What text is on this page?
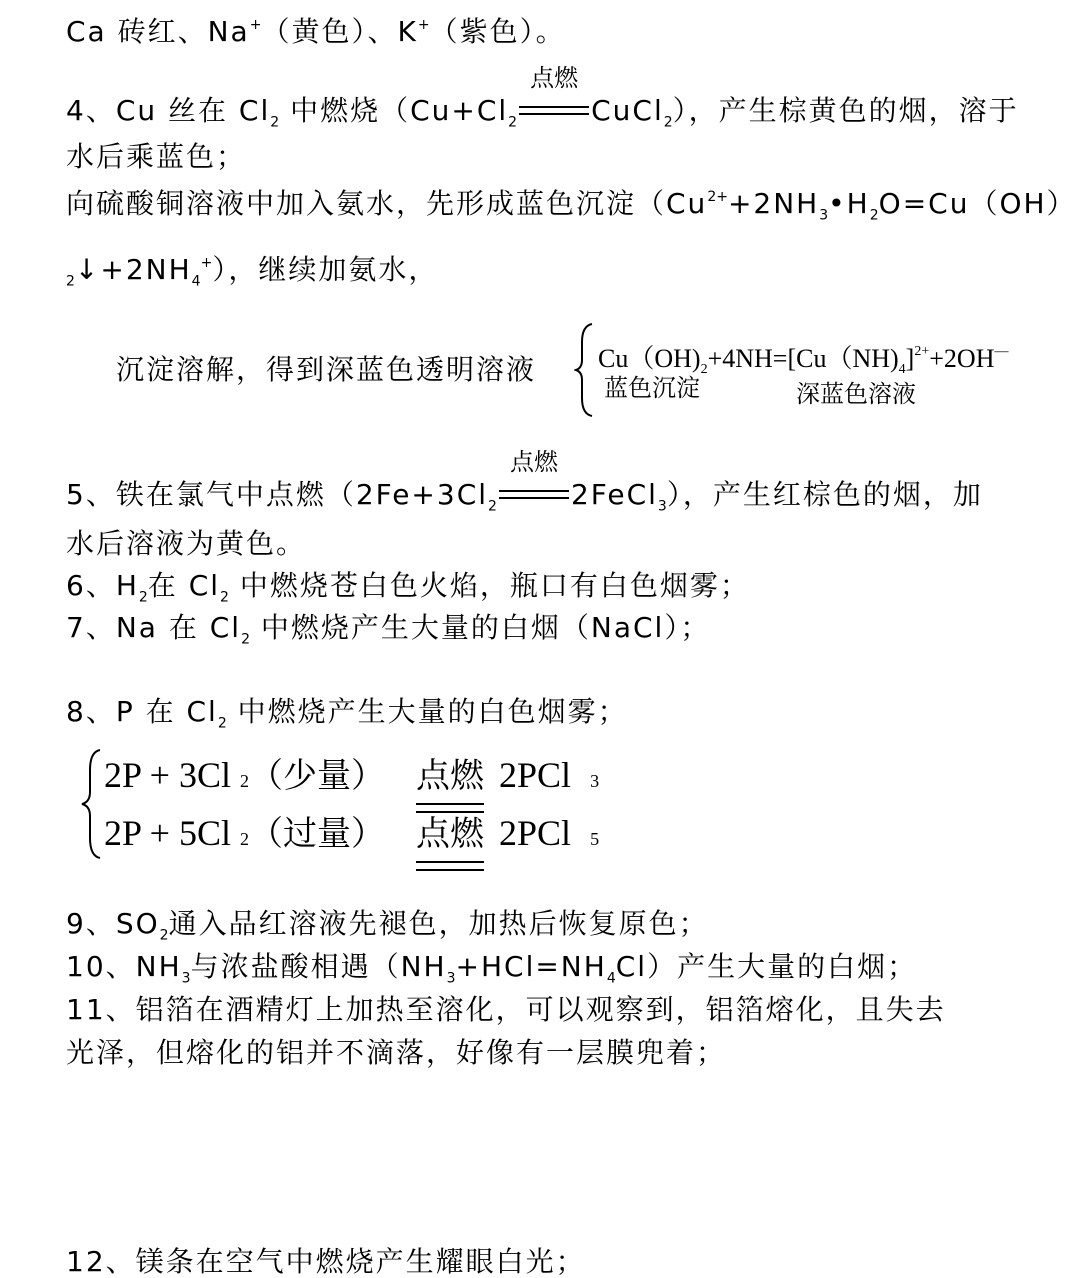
Ca 砖红、Na+（黄色）、K+（紫色）。
4、Cu 丝在 $Cl_2$ 中燃烧（$Cu+Cl_2$
点燃
CuCl$_2$），产生棕黄色的烟，溶于
水后乘蓝色；
向硫酸铜溶液中加入氨水，先形成蓝色沉淀（$Cu^{2+}+2NH_3•H_2O=Cu(OH)$
$_2↓+2NH_4^+$），继续加氨水，
沉淀溶解，得到深蓝色透明溶液 $Cu(OH)_2+4NH=[Cu(NH)_4]^{2+}+2OH^—$
蓝色沉淀	深蓝色溶液
5、铁在氯气中点燃（$2Fe+3Cl_2$
点燃
2FeCl$_3$），产生红棕色的烟，加
水后溶液为黄色。
6、$H_2$在 $Cl_2$ 中燃烧苍白色火焰，瓶口有白色烟雾；
7、Na 在 $Cl_2$ 中燃烧产生大量的白烟（NaCl）；
8、P 在 $Cl_2$ 中燃烧产生大量的白色烟雾；
2P + 3Cl 2（少量） 点燃 2PCl 3
2P + 5Cl 2（过量） 点燃 2PCl 5
9、$SO_2$通入品红溶液先褪色，加热后恢复原色；
10、$NH_3$与浓盐酸相遇$(NH_3+HCl=NH_4Cl)$产生大量的白烟；
11、铝箔在酒精灯上加热至溶化，可以观察到，铝箔熔化，且失去
光泽，但熔化的铝并不滴落，好像有一层膜兜着；
12、镁条在空气中燃烧产生耀眼白光；
